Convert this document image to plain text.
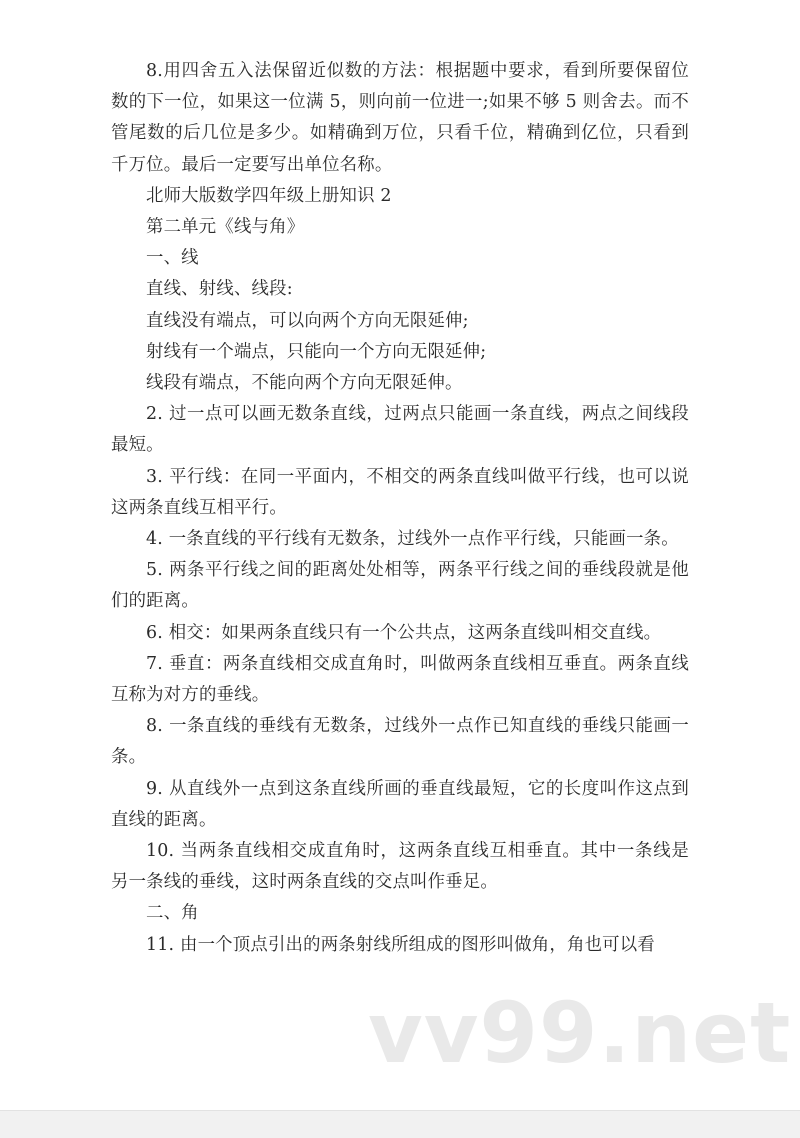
8.用四舍五入法保留近似数的方法：根据题中要求，看到所要保留位数的下一位，如果这一位满 5，则向前一位进一;如果不够 5 则舍去。而不管尾数的后几位是多少。如精确到万位，只看千位，精确到亿位，只看到千万位。最后一定要写出单位名称。

北师大版数学四年级上册知识 2

第二单元《线与角》

一、线

直线、射线、线段:

直线没有端点，可以向两个方向无限延伸;

射线有一个端点，只能向一个方向无限延伸;

线段有端点，不能向两个方向无限延伸。

2. 过一点可以画无数条直线，过两点只能画一条直线，两点之间线段最短。

3. 平行线：在同一平面内，不相交的两条直线叫做平行线，也可以说这两条直线互相平行。

4. 一条直线的平行线有无数条，过线外一点作平行线，只能画一条。

5. 两条平行线之间的距离处处相等，两条平行线之间的垂线段就是他们的距离。

6. 相交：如果两条直线只有一个公共点，这两条直线叫相交直线。

7. 垂直：两条直线相交成直角时，叫做两条直线相互垂直。两条直线互称为对方的垂线。

8. 一条直线的垂线有无数条，过线外一点作已知直线的垂线只能画一条。

9. 从直线外一点到这条直线所画的垂直线最短，它的长度叫作这点到直线的距离。

10. 当两条直线相交成直角时，这两条直线互相垂直。其中一条线是另一条线的垂线，这时两条直线的交点叫作垂足。

二、角

11. 由一个顶点引出的两条射线所组成的图形叫做角，角也可以看

vv99.net
